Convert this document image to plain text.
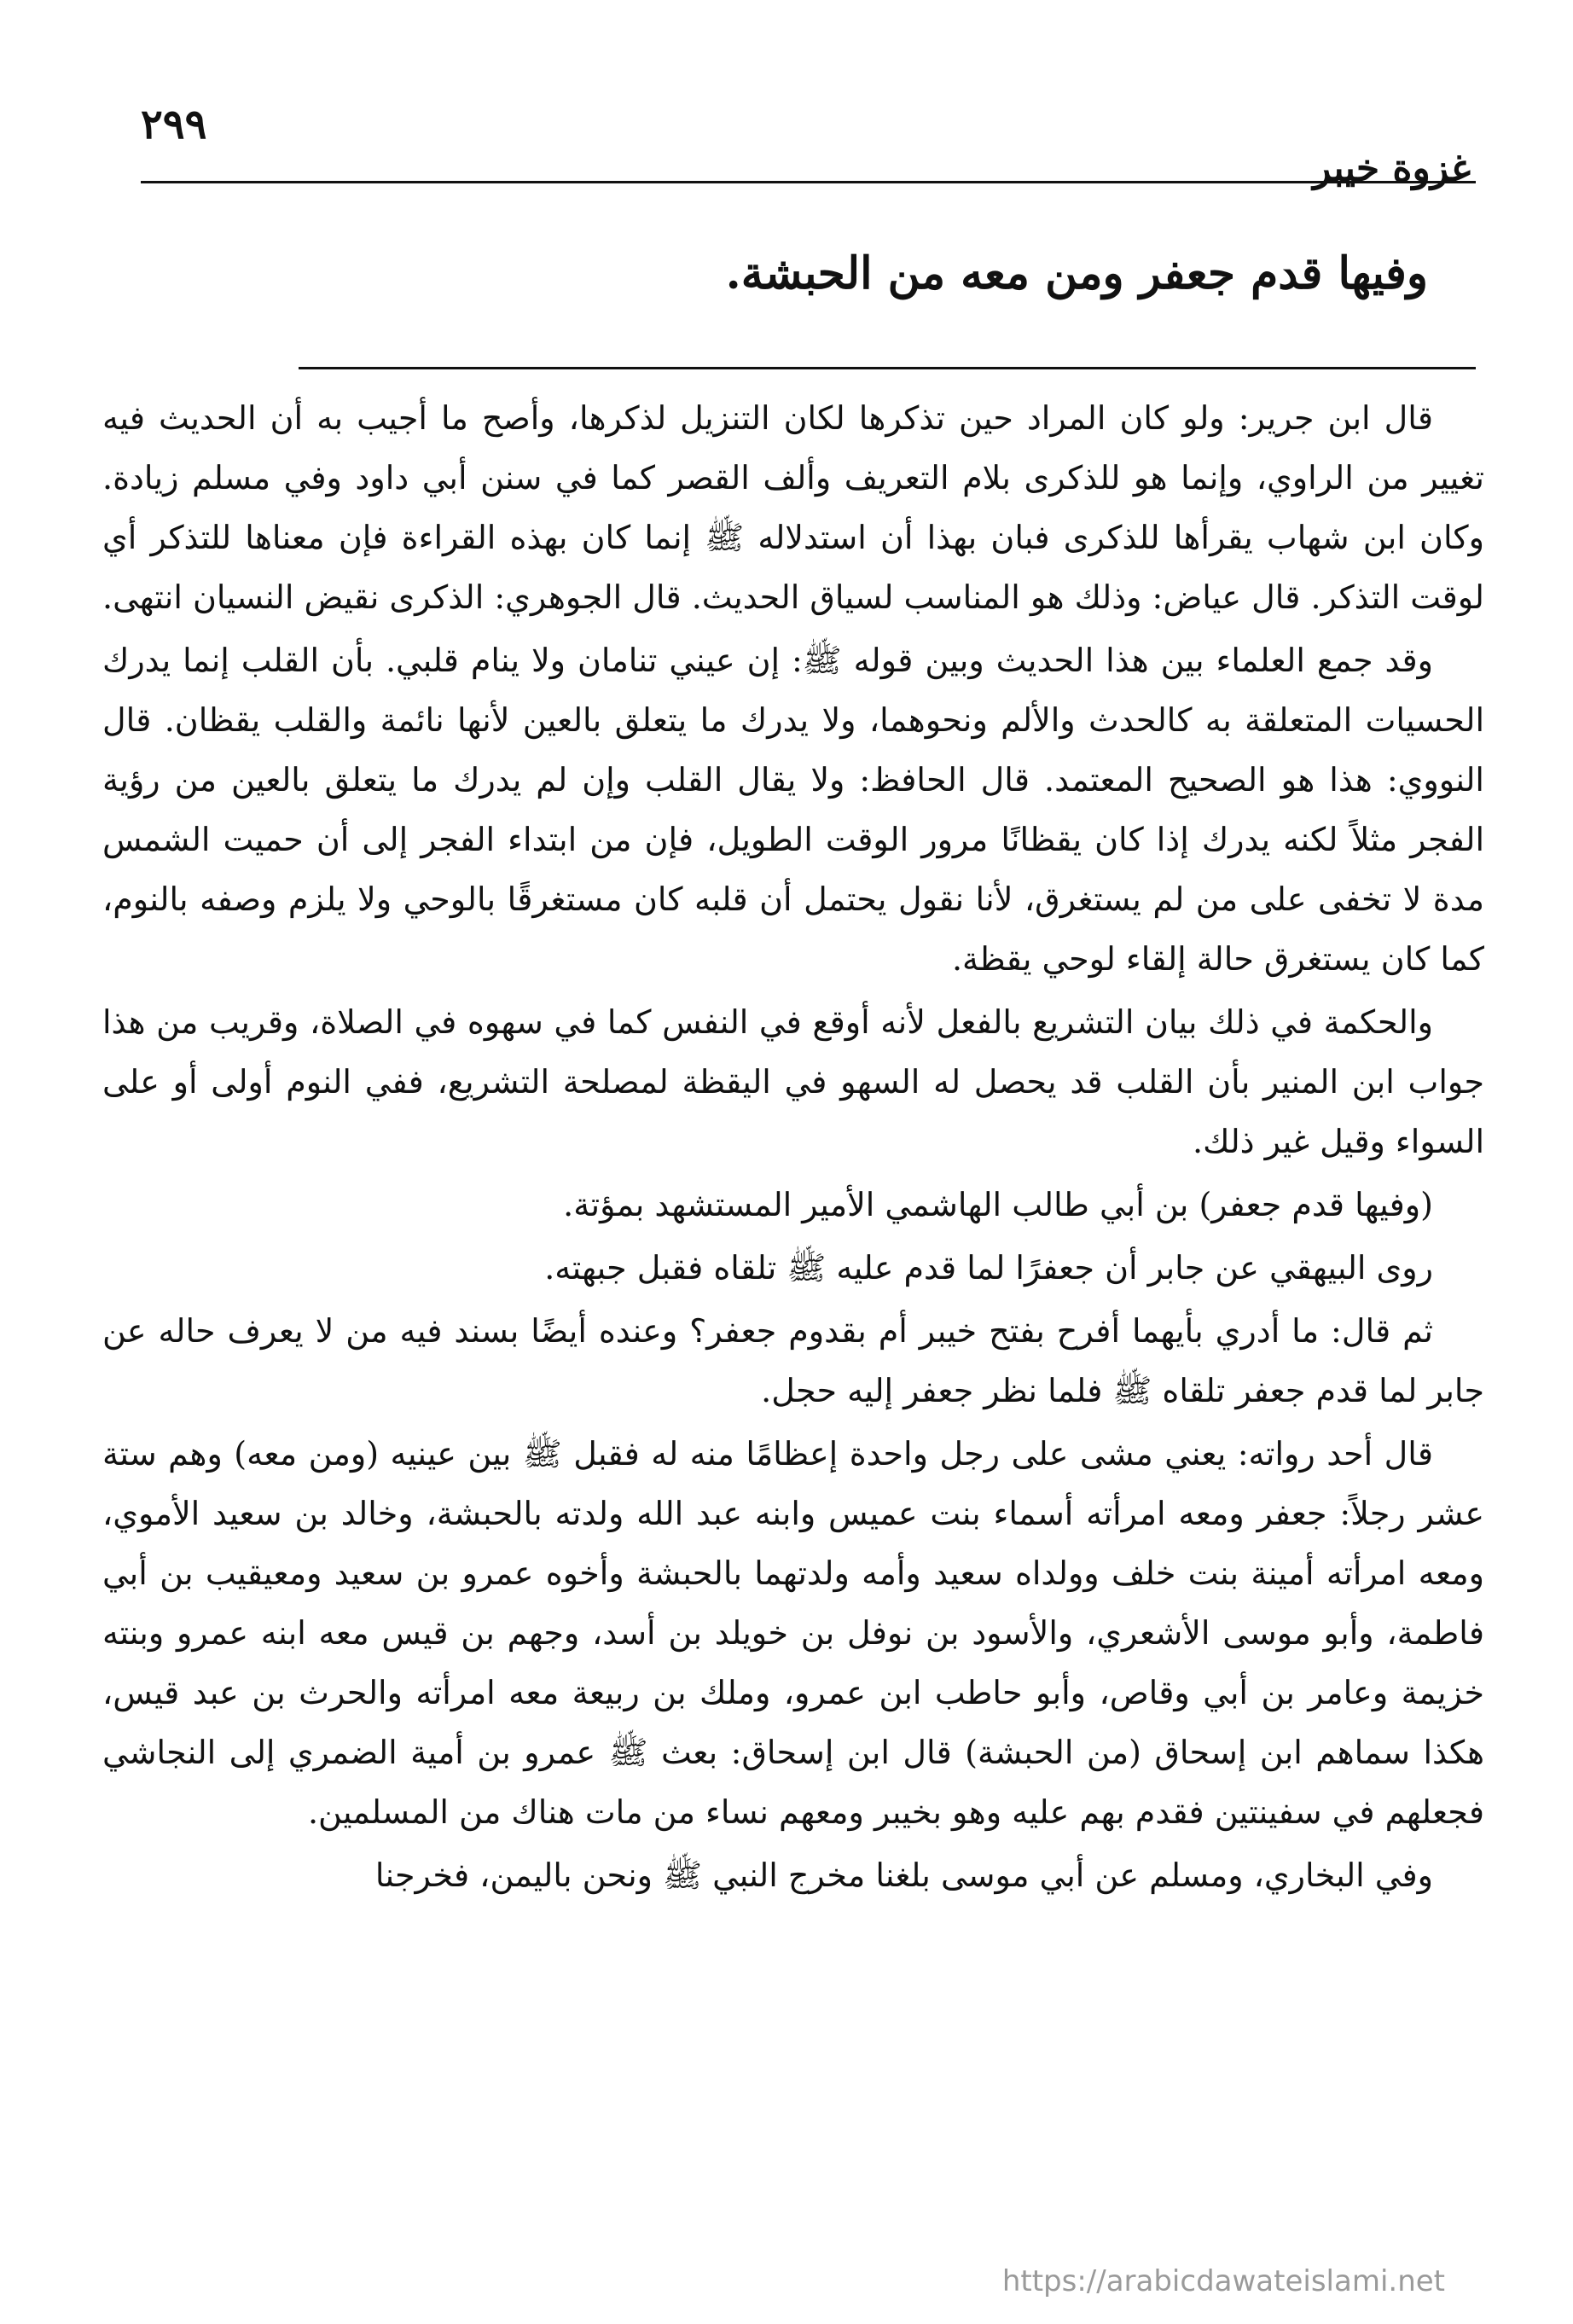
٢٩٩
غزوة خيبر
وفيها قدم جعفر ومن معه من الحبشة.

قال ابن جرير: ولو كان المراد حين تذكرها لكان التنزيل لذكرها، وأصح ما أجيب به أن الحديث فيه تغيير من الراوي، وإنما هو للذكرى بلام التعريف وألف القصر كما في سنن أبي داود وفي مسلم زيادة. وكان ابن شهاب يقرأها للذكرى فبان بهذا أن استدلاله ﷺ إنما كان بهذه القراءة فإن معناها للتذكر أي لوقت التذكر. قال عياض: وذلك هو المناسب لسياق الحديث. قال الجوهري: الذكرى نقيض النسيان انتهى.

وقد جمع العلماء بين هذا الحديث وبين قوله ﷺ: إن عيني تنامان ولا ينام قلبي. بأن القلب إنما يدرك الحسيات المتعلقة به كالحدث والألم ونحوهما، ولا يدرك ما يتعلق بالعين لأنها نائمة والقلب يقظان. قال النووي: هذا هو الصحيح المعتمد. قال الحافظ: ولا يقال القلب وإن لم يدرك ما يتعلق بالعين من رؤية الفجر مثلاً لكنه يدرك إذا كان يقظانًا مرور الوقت الطويل، فإن من ابتداء الفجر إلى أن حميت الشمس مدة لا تخفى على من لم يستغرق، لأنا نقول يحتمل أن قلبه كان مستغرقًا بالوحي ولا يلزم وصفه بالنوم، كما كان يستغرق حالة إلقاء لوحي يقظة.

والحكمة في ذلك بيان التشريع بالفعل لأنه أوقع في النفس كما في سهوه في الصلاة، وقريب من هذا جواب ابن المنير بأن القلب قد يحصل له السهو في اليقظة لمصلحة التشريع، ففي النوم أولى أو على السواء وقيل غير ذلك.

(وفيها قدم جعفر) بن أبي طالب الهاشمي الأمير المستشهد بمؤتة.

روى البيهقي عن جابر أن جعفرًا لما قدم عليه ﷺ تلقاه فقبل جبهته.

ثم قال: ما أدري بأيهما أفرح بفتح خيبر أم بقدوم جعفر؟ وعنده أيضًا بسند فيه من لا يعرف حاله عن جابر لما قدم جعفر تلقاه ﷺ فلما نظر جعفر إليه حجل.

قال أحد رواته: يعني مشى على رجل واحدة إعظامًا منه له فقبل ﷺ بين عينيه (ومن معه) وهم ستة عشر رجلاً: جعفر ومعه امرأته أسماء بنت عميس وابنه عبد الله ولدته بالحبشة، وخالد بن سعيد الأموي، ومعه امرأته أمينة بنت خلف وولداه سعيد وأمه ولدتهما بالحبشة وأخوه عمرو بن سعيد ومعيقيب بن أبي فاطمة، وأبو موسى الأشعري، والأسود بن نوفل بن خويلد بن أسد، وجهم بن قيس معه ابنه عمرو وبنته خزيمة وعامر بن أبي وقاص، وأبو حاطب ابن عمرو، وملك بن ربيعة معه امرأته والحرث بن عبد قيس، هكذا سماهم ابن إسحاق (من الحبشة) قال ابن إسحاق: بعث ﷺ عمرو بن أمية الضمري إلى النجاشي فجعلهم في سفينتين فقدم بهم عليه وهو بخيبر ومعهم نساء من مات هناك من المسلمين.

وفي البخاري، ومسلم عن أبي موسى بلغنا مخرج النبي ﷺ ونحن باليمن، فخرجنا

https://arabicdawateislami.net
